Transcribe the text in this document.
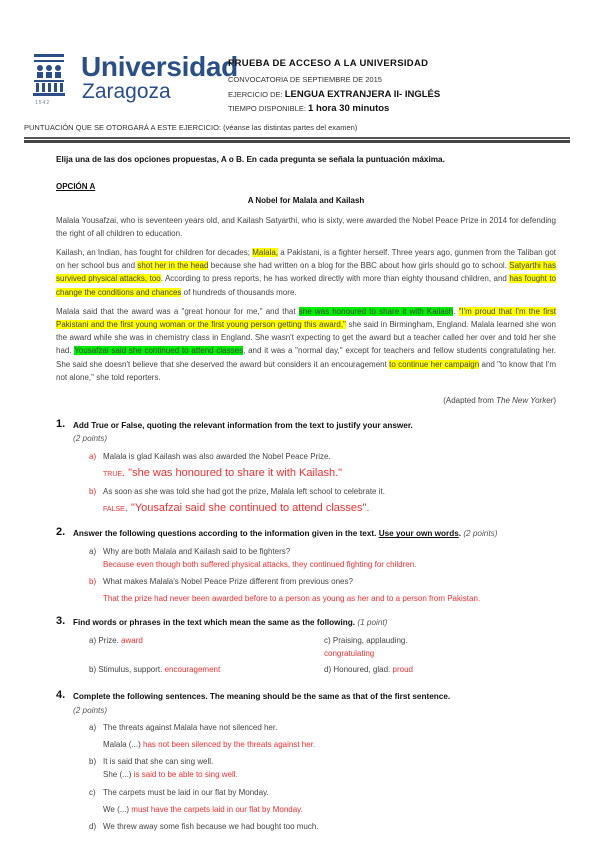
Universidad
Zaragoza
1542
PRUEBA DE ACCESO A LA UNIVERSIDAD
CONVOCATORIA DE SEPTIEMBRE DE 2015
EJERCICIO DE: LENGUA EXTRANJERA II- INGLÉS
TIEMPO DISPONIBLE: 1 hora 30 minutos
PUNTUACIÓN QUE SE OTORGARÁ A ESTE EJERCICIO: (véanse las distintas partes del examen)
Elija una de las dos opciones propuestas, A o B. En cada pregunta se señala la puntuación máxima.
OPCIÓN A
A Nobel for Malala and Kailash

Malala Yousafzai, who is seventeen years old, and Kailash Satyarthi, who is sixty, were awarded the Nobel Peace Prize in 2014 for defending the right of all children to education.

Kailash, an Indian, has fought for children for decades; Malala, a Pakistani, is a fighter herself. Three years ago, gunmen from the Taliban got on her school bus and shot her in the head because she had written on a blog for the BBC about how girls should go to school. Satyarthi has survived physical attacks, too. According to press reports, he has worked directly with more than eighty thousand children, and has fought to change the conditions and chances of hundreds of thousands more.

Malala said that the award was a "great honour for me," and that she was honoured to share it with Kailash. "I'm proud that I'm the first Pakistani and the first young woman or the first young person getting this award," she said in Birmingham, England. Malala learned she won the award while she was in chemistry class in England. She wasn't expecting to get the award but a teacher called her over and told her she had. Yousafzai said she continued to attend classes, and it was a "normal day," except for teachers and fellow students congratulating her. She said she doesn't believe that she deserved the award but considers it an encouragement to continue her campaign and "to know that I'm not alone," she told reporters.

(Adapted from The New Yorker)
1. Add True or False, quoting the relevant information from the text to justify your answer.
(2 points)
a) Malala is glad Kailash was also awarded the Nobel Peace Prize.
TRUE. "she was honoured to share it with Kailash."
b) As soon as she was told she had got the prize, Malala left school to celebrate it.
FALSE. "Yousafzai said she continued to attend classes".
2. Answer the following questions according to the information given in the text. Use your own words. (2 points)
a) Why are both Malala and Kailash said to be fighters?
Because even though both suffered physical attacks, they continued fighting for children.
b) What makes Malala's Nobel Peace Prize different from previous ones?
That the prize had never been awarded before to a person as young as her and to a person from Pakistan.
3. Find words or phrases in the text which mean the same as the following. (1 point)
a) Prize. award	c) Praising, applauding.
congratulating
b) Stimulus, support. encouragement	d) Honoured, glad. proud
4. Complete the following sentences. The meaning should be the same as that of the first sentence.
(2 points)
a) The threats against Malala have not silenced her.
Malala (...) has not been silenced by the threats against her.
b) It is said that she can sing well.
She (...) is said to be able to sing well.
c) The carpets must be laid in our flat by Monday.
We (...) must have the carpets laid in our flat by Monday.
d) We threw away some fish because we had bought too much.
